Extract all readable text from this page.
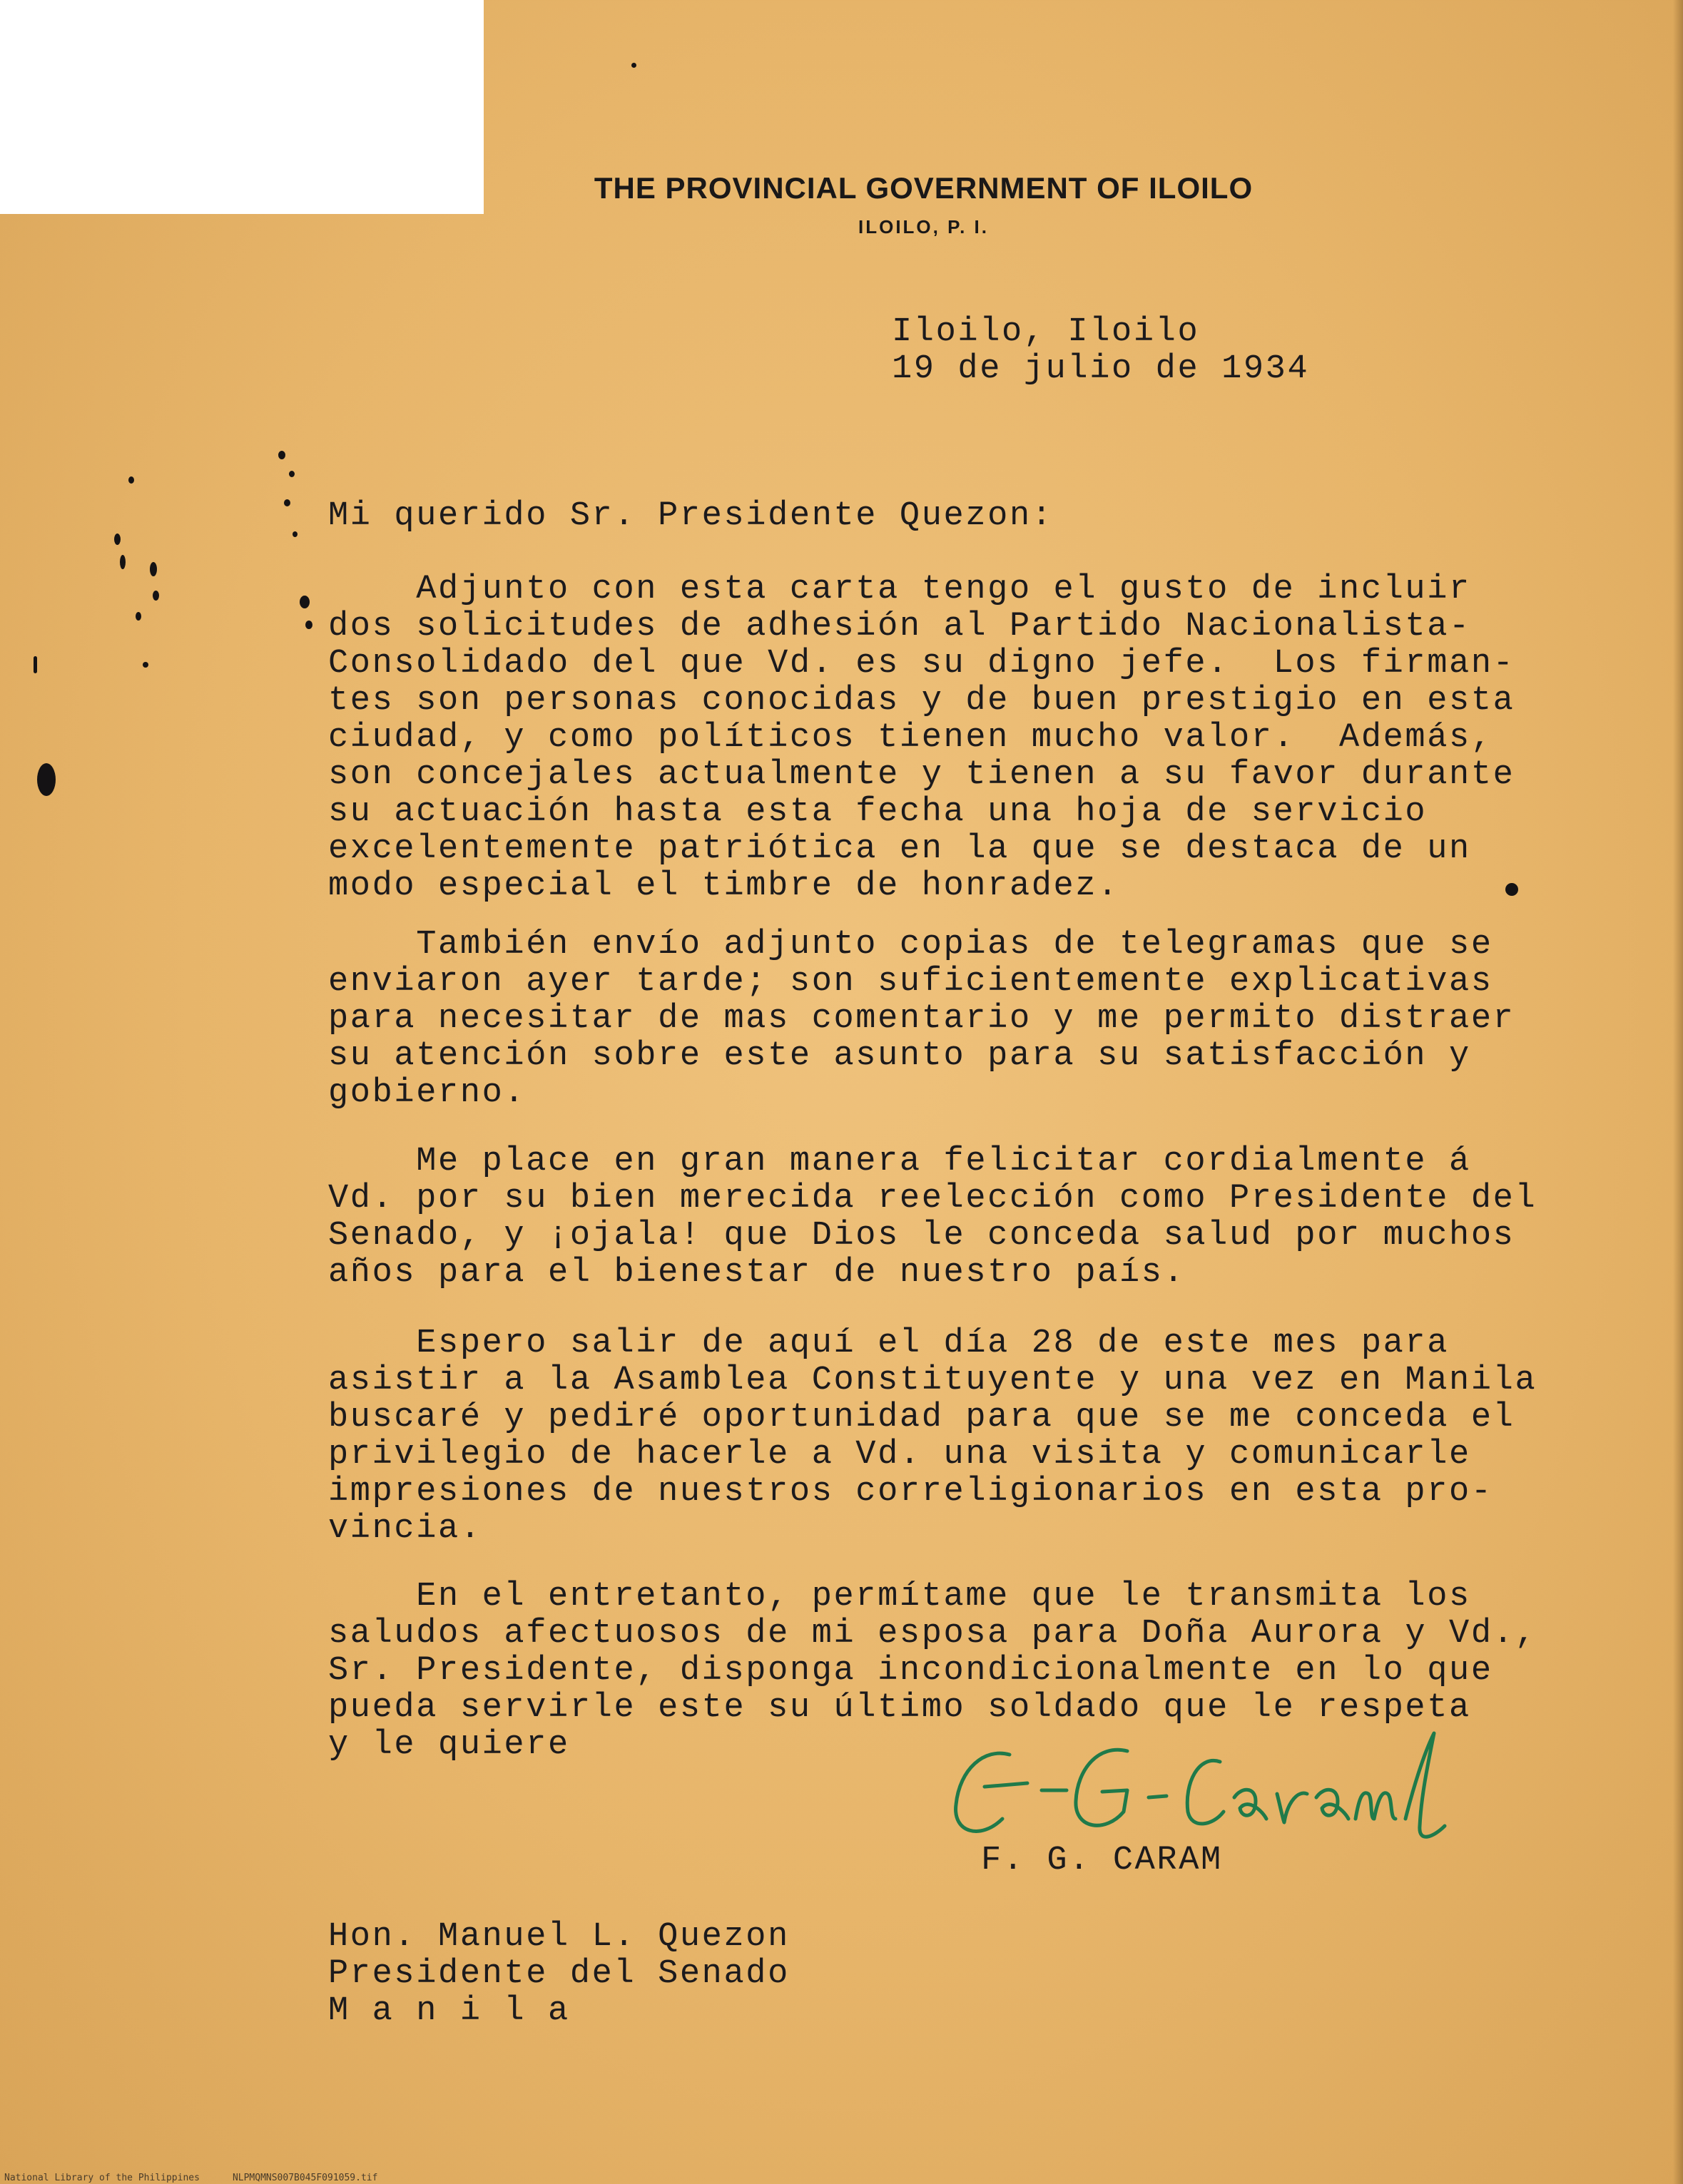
THE PROVINCIAL GOVERNMENT OF ILOILO
ILOILO, P. I.
Iloilo, Iloilo
19 de julio de 1934
Mi querido Sr. Presidente Quezon:
Adjunto con esta carta tengo el gusto de incluir
dos solicitudes de adhesión al Partido Nacionalista-
Consolidado del que Vd. es su digno jefe.  Los firman-
tes son personas conocidas y de buen prestigio en esta
ciudad, y como políticos tienen mucho valor.  Además,
son concejales actualmente y tienen a su favor durante
su actuación hasta esta fecha una hoja de servicio
excelentemente patriótica en la que se destaca de un
modo especial el timbre de honradez.
También envío adjunto copias de telegramas que se
enviaron ayer tarde; son suficientemente explicativas
para necesitar de mas comentario y me permito distraer
su atención sobre este asunto para su satisfacción y
gobierno.
Me place en gran manera felicitar cordialmente á
Vd. por su bien merecida reelección como Presidente del
Senado, y ¡ojala! que Dios le conceda salud por muchos
años para el bienestar de nuestro país.
Espero salir de aquí el día 28 de este mes para
asistir a la Asamblea Constituyente y una vez en Manila
buscaré y pediré oportunidad para que se me conceda el
privilegio de hacerle a Vd. una visita y comunicarle
impresiones de nuestros correligionarios en esta pro-
vincia.
En el entretanto, permítame que le transmita los
saludos afectuosos de mi esposa para Doña Aurora y Vd.,
Sr. Presidente, disponga incondicionalmente en lo que
pueda servirle este su último soldado que le respeta
y le quiere
F. G. CARAM
Hon. Manuel L. Quezon
Presidente del Senado
M a n i l a
National Library of the Philippines	NLPMQMNS007B045F091059.tif
